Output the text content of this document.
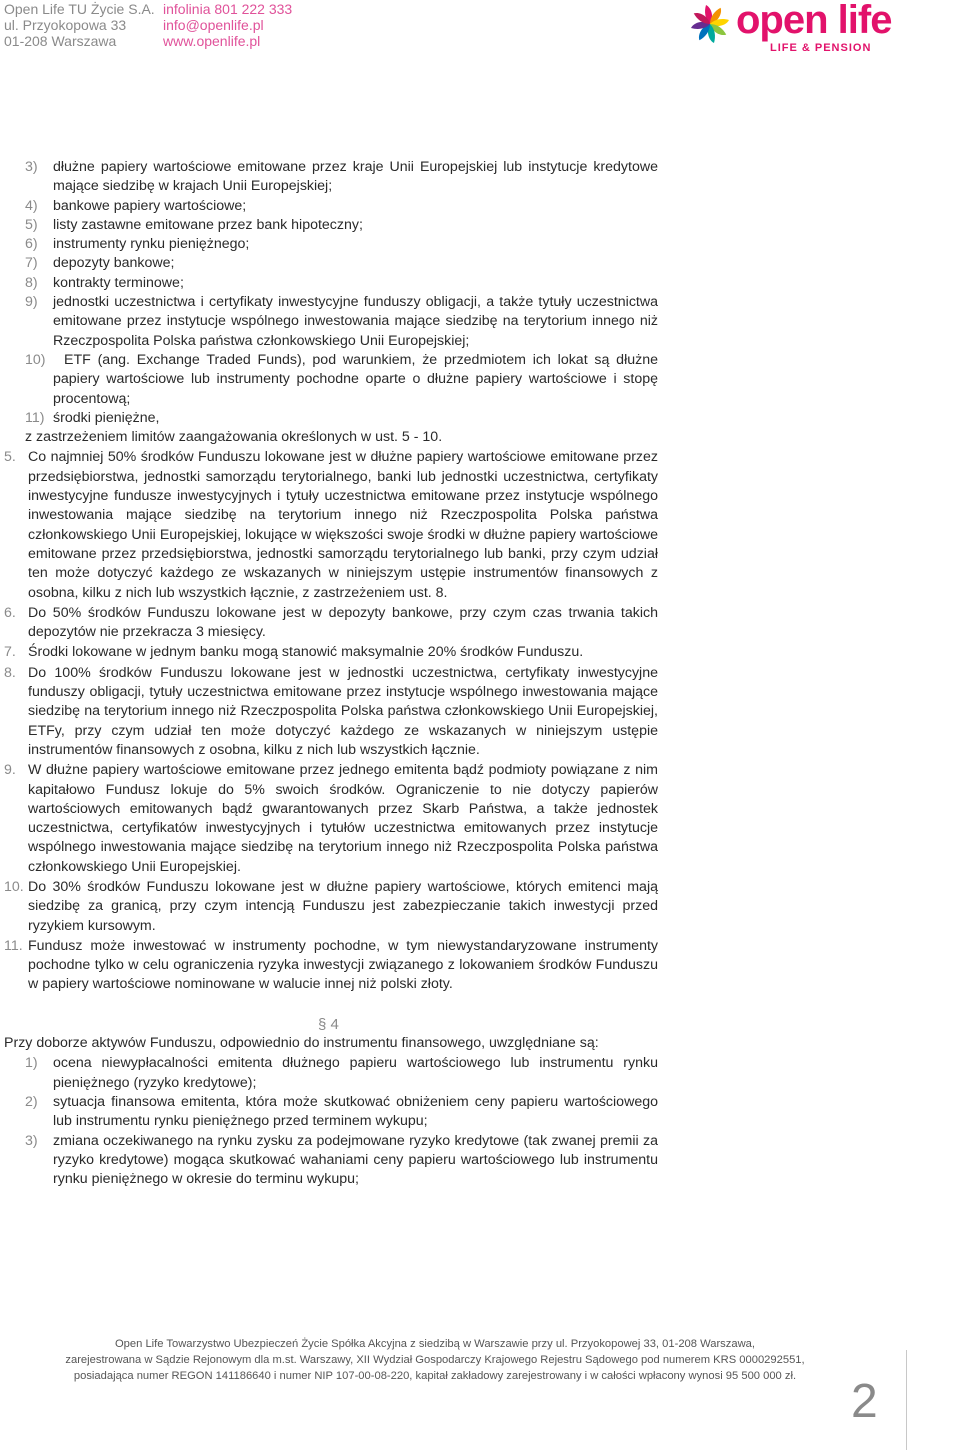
Open Life TU Życie S.A.
ul. Przyokopowa 33
01-208 Warszawa
infolinia 801 222 333
info@openlife.pl
www.openlife.pl	open life
LIFE & PENSION
3) dłużne papiery wartościowe emitowane przez kraje Unii Europejskiej lub instytucje kredytowe mające siedzibę w krajach Unii Europejskiej;
4) bankowe papiery wartościowe;
5) listy zastawne emitowane przez bank hipoteczny;
6) instrumenty rynku pieniężnego;
7) depozyty bankowe;
8) kontrakty terminowe;
9) jednostki uczestnictwa i certyfikaty inwestycyjne funduszy obligacji, a także tytuły uczestnictwa emitowane przez instytucje wspólnego inwestowania mające siedzibę na terytorium innego niż Rzeczpospolita Polska państwa członkowskiego Unii Europejskiej;
10)	ETF (ang. Exchange Traded Funds), pod warunkiem, że przedmiotem ich lokat są dłużne papiery wartościowe lub instrumenty pochodne oparte o dłużne papiery wartościowe i stopę procentową;
11) środki pieniężne,
z zastrzeżeniem limitów zaangażowania określonych w ust. 5 - 10.
5. Co najmniej 50% środków Funduszu lokowane jest w dłużne papiery wartościowe emitowane przez przedsiębiorstwa, jednostki samorządu terytorialnego, banki lub jednostki uczestnictwa, certyfikaty inwestycyjne fundusze inwestycyjnych i tytuły uczestnictwa emitowane przez instytucje wspólnego inwestowania mające siedzibę na terytorium innego niż Rzeczpospolita Polska państwa członkowskiego Unii Europejskiej, lokujące w większości swoje środki w dłużne papiery wartościowe emitowane przez przedsiębiorstwa, jednostki samorządu terytorialnego lub banki, przy czym udział ten może dotyczyć każdego ze wskazanych w niniejszym ustępie instrumentów finansowych z osobna, kilku z nich lub wszystkich łącznie, z zastrzeżeniem ust. 8.
6. Do 50% środków Funduszu lokowane jest w depozyty bankowe, przy czym czas trwania takich depozytów nie przekracza 3 miesięcy.
7. Środki lokowane w jednym banku mogą stanowić maksymalnie 20% środków Funduszu.
8. Do 100% środków Funduszu lokowane jest w jednostki uczestnictwa, certyfikaty inwestycyjne funduszy obligacji, tytuły uczestnictwa emitowane przez instytucje wspólnego inwestowania mające siedzibę na terytorium innego niż Rzeczpospolita Polska państwa członkowskiego Unii Europejskiej, ETFy, przy czym udział ten może dotyczyć każdego ze wskazanych w niniejszym ustępie instrumentów finansowych z osobna, kilku z nich lub wszystkich łącznie.
9. W dłużne papiery wartościowe emitowane przez jednego emitenta bądź podmioty powiązane z nim kapitałowo Fundusz lokuje do 5% swoich środków. Ograniczenie to nie dotyczy papierów wartościowych emitowanych bądź gwarantowanych przez Skarb Państwa, a także jednostek uczestnictwa, certyfikatów inwestycyjnych i tytułów uczestnictwa emitowanych przez instytucje wspólnego inwestowania mające siedzibę na terytorium innego niż Rzeczpospolita Polska państwa członkowskiego Unii Europejskiej.
10. Do 30% środków Funduszu lokowane jest w dłużne papiery wartościowe, których emitenci mają siedzibę za granicą, przy czym intencją Funduszu jest zabezpieczanie takich inwestycji przed ryzykiem kursowym.
11. Fundusz może inwestować w instrumenty pochodne, w tym niewystandaryzowane instrumenty pochodne tylko w celu ograniczenia ryzyka inwestycji związanego z lokowaniem środków Funduszu w papiery wartościowe nominowane w walucie innej niż polski złoty.
§ 4
Przy doborze aktywów Funduszu, odpowiednio do instrumentu finansowego, uwzględniane są:
1) ocena niewypłacalności emitenta dłużnego papieru wartościowego lub instrumentu rynku pieniężnego (ryzyko kredytowe);
2) sytuacja finansowa emitenta, która może skutkować obniżeniem ceny papieru wartościowego lub instrumentu rynku pieniężnego przed terminem wykupu;
3) zmiana oczekiwanego na rynku zysku za podejmowane ryzyko kredytowe (tak zwanej premii za ryzyko kredytowe) mogąca skutkować wahaniami ceny papieru wartościowego lub instrumentu rynku pieniężnego w okresie do terminu wykupu;
Open Life Towarzystwo Ubezpieczeń Życie Spółka Akcyjna z siedzibą w Warszawie przy ul. Przyokopowej 33, 01-208 Warszawa,
zarejestrowana w Sądzie Rejonowym dla m.st. Warszawy, XII Wydział Gospodarczy Krajowego Rejestru Sądowego pod numerem KRS 0000292551,
posiadająca numer REGON 141186640 i numer NIP 107-00-08-220, kapitał zakładowy zarejestrowany i w całości wpłacony wynosi 95 500 000 zł.	2
